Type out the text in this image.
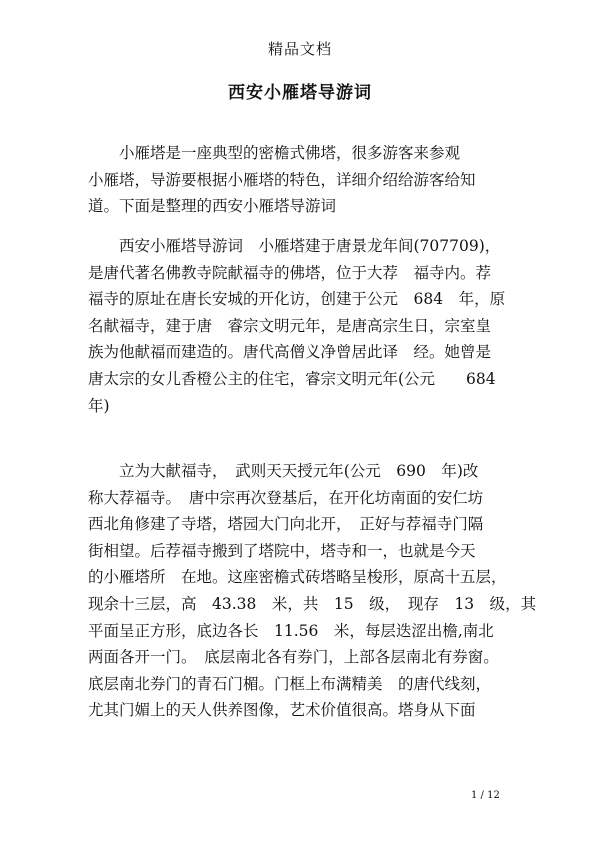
精品文档
西安小雁塔导游词
　　小雁塔是一座典型的密檐式佛塔，很多游客来参观
小雁塔，导游要根据小雁塔的特色，详细介绍给游客给知
道。下面是整理的西安小雁塔导游词
　　西安小雁塔导游词　小雁塔建于唐景龙年间(707709)，
是唐代著名佛教寺院献福寺的佛塔，位于大荐　福寺内。荐
福寺的原址在唐长安城的开化访，创建于公元　684　年，原
名献福寺，建于唐　睿宗文明元年，是唐高宗生日，宗室皇
族为他献福而建造的。唐代高僧义净曾居此译　经。她曾是
唐太宗的女儿香橙公主的住宅，睿宗文明元年(公元　　684
年)
　　立为大献福寺，　武则天天授元年(公元　690　年)改
称大荐福寺。　唐中宗再次登基后，在开化坊南面的安仁坊
西北角修建了寺塔，塔园大门向北开，　正好与荐福寺门隔
街相望。后荐福寺搬到了塔院中，塔寺和一，也就是今天
的小雁塔所　在地。这座密檐式砖塔略呈梭形，原高十五层，
现余十三层，高　43.38　米，共　15　级，　现存　13　级，其
平面呈正方形，底边各长　11.56　米，每层迭涩出檐,南北
两面各开一门。　底层南北各有券门，上部各层南北有券窗。
底层南北券门的青石门楣。门框上布满精美　的唐代线刻，
尤其门媚上的天人供养图像，艺术价值很高。塔身从下面
1 / 12
